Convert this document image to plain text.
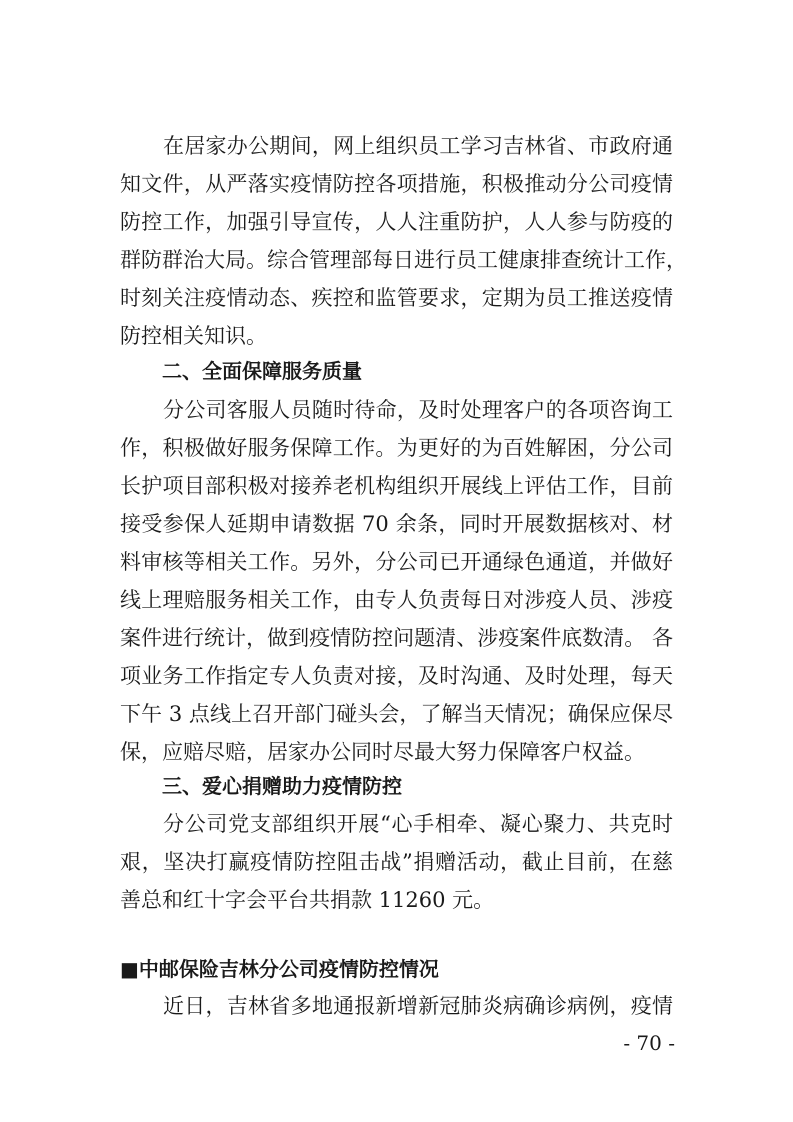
在居家办公期间，网上组织员工学习吉林省、市政府通
知文件，从严落实疫情防控各项措施，积极推动分公司疫情
防控工作，加强引导宣传，人人注重防护，人人参与防疫的
群防群治大局。综合管理部每日进行员工健康排查统计工作，
时刻关注疫情动态、疾控和监管要求，定期为员工推送疫情
防控相关知识。
二、全面保障服务质量
分公司客服人员随时待命，及时处理客户的各项咨询工
作，积极做好服务保障工作。为更好的为百姓解困，分公司
长护项目部积极对接养老机构组织开展线上评估工作，目前
接受参保人延期申请数据 70 余条，同时开展数据核对、材
料审核等相关工作。另外，分公司已开通绿色通道，并做好
线上理赔服务相关工作，由专人负责每日对涉疫人员、涉疫
案件进行统计，做到疫情防控问题清、涉疫案件底数清。 各
项业务工作指定专人负责对接，及时沟通、及时处理，每天
下午 3 点线上召开部门碰头会，了解当天情况；确保应保尽
保，应赔尽赔，居家办公同时尽最大努力保障客户权益。
三、爱心捐赠助力疫情防控
分公司党支部组织开展“心手相牵、凝心聚力、共克时
艰，坚决打赢疫情防控阻击战”捐赠活动，截止目前，在慈
善总和红十字会平台共捐款 11260 元。
■中邮保险吉林分公司疫情防控情况
近日，吉林省多地通报新增新冠肺炎病确诊病例，疫情
- 70 -
